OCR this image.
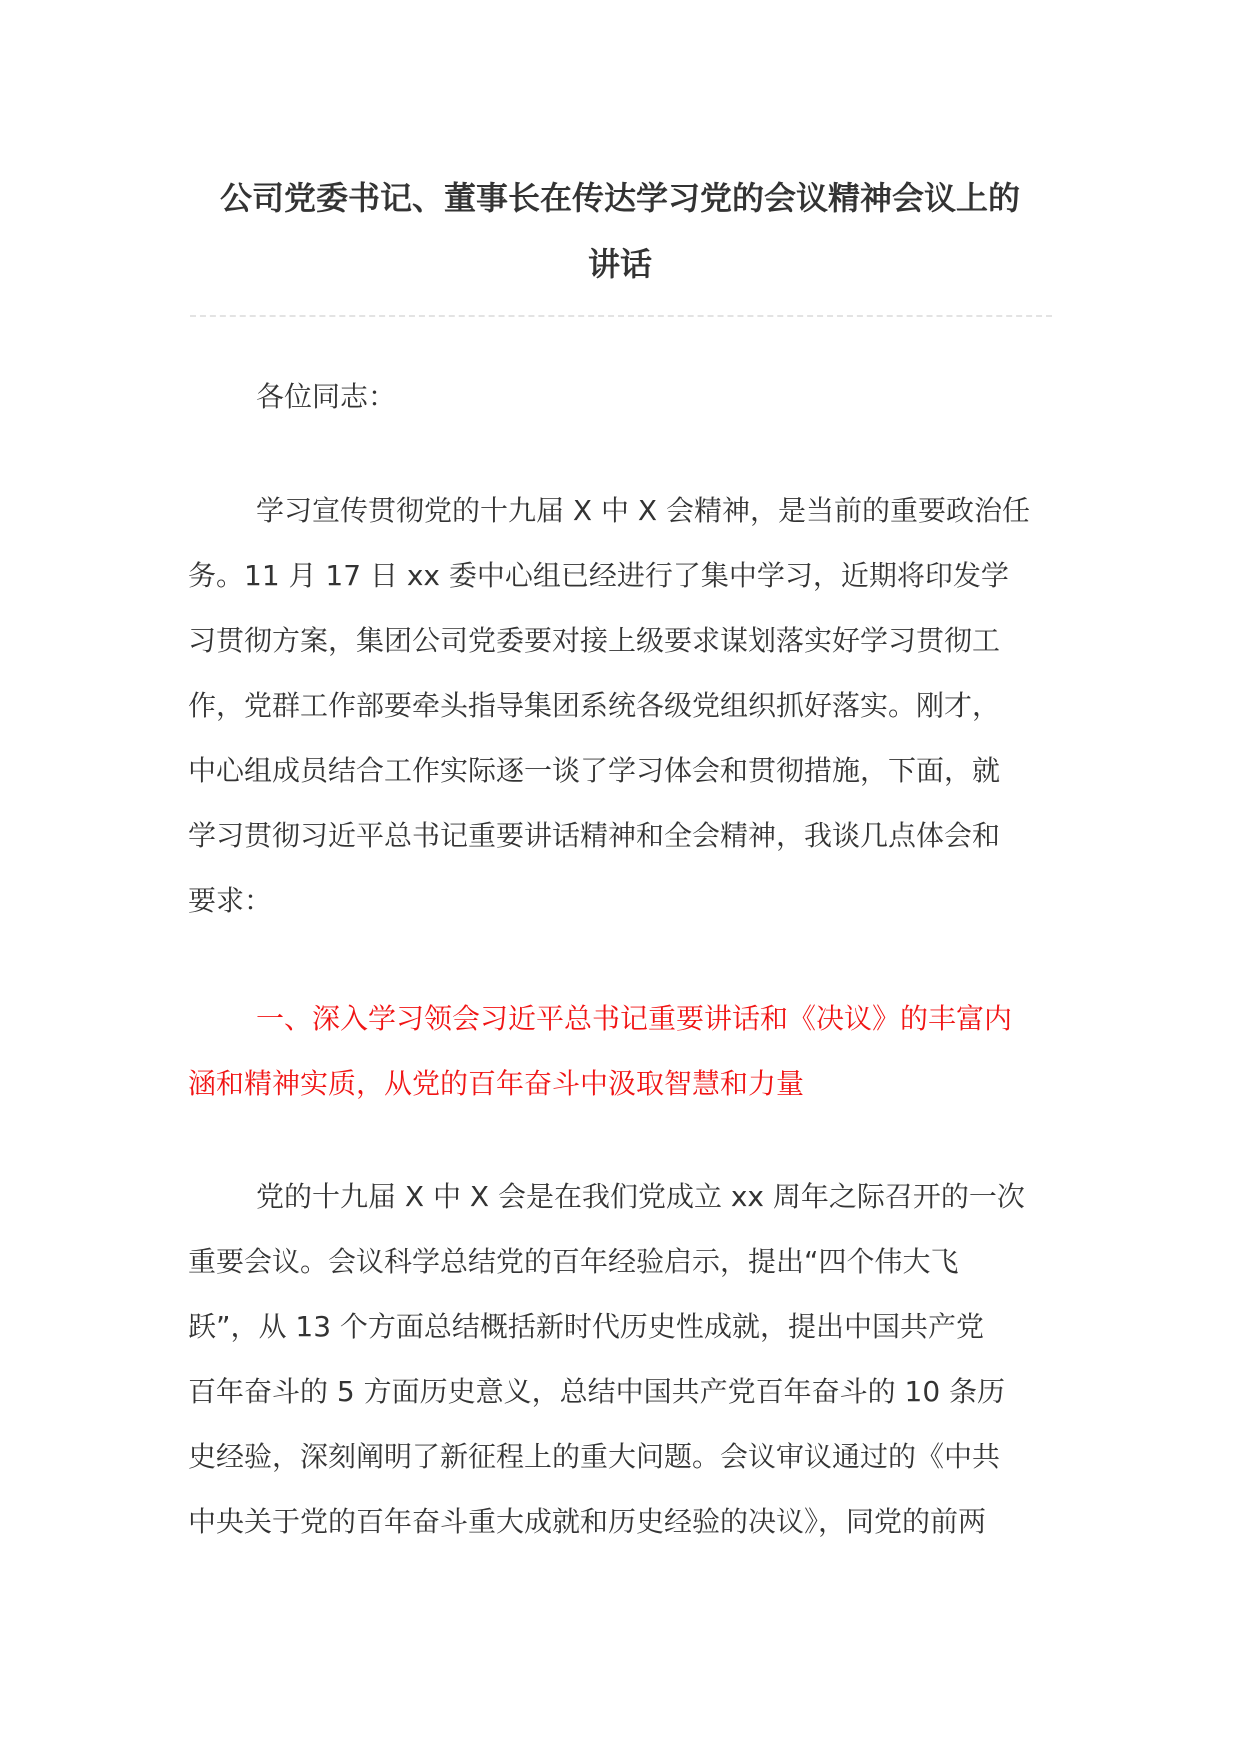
公司党委书记、董事长在传达学习党的会议精神会议上的
讲话
各位同志：
学习宣传贯彻党的十九届 X 中 X 会精神，是当前的重要政治任
务。11 月 17 日 xx 委中心组已经进行了集中学习，近期将印发学
习贯彻方案，集团公司党委要对接上级要求谋划落实好学习贯彻工
作，党群工作部要牵头指导集团系统各级党组织抓好落实。刚才，
中心组成员结合工作实际逐一谈了学习体会和贯彻措施，下面，就
学习贯彻习近平总书记重要讲话精神和全会精神，我谈几点体会和
要求：
一、深入学习领会习近平总书记重要讲话和《决议》的丰富内
涵和精神实质，从党的百年奋斗中汲取智慧和力量
党的十九届 X 中 X 会是在我们党成立 xx 周年之际召开的一次
重要会议。会议科学总结党的百年经验启示，提出“四个伟大飞
跃”，从 13 个方面总结概括新时代历史性成就，提出中国共产党
百年奋斗的 5 方面历史意义，总结中国共产党百年奋斗的 10 条历
史经验，深刻阐明了新征程上的重大问题。会议审议通过的《中共
中央关于党的百年奋斗重大成就和历史经验的决议》，同党的前两
